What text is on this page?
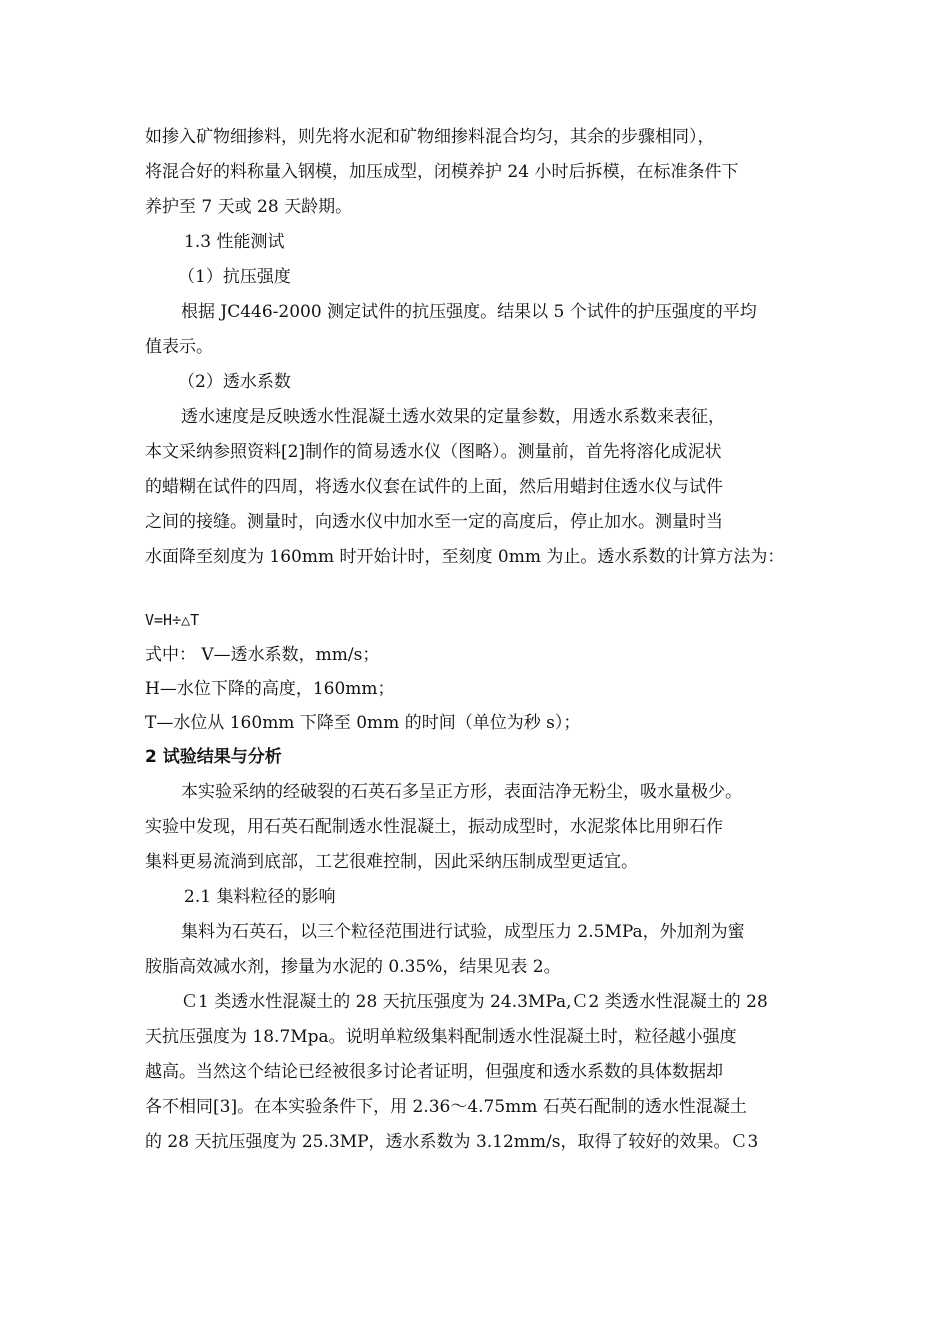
如掺入矿物细掺料，则先将水泥和矿物细掺料混合均匀，其余的步骤相同），

将混合好的料称量入钢模，加压成型，闭模养护 24 小时后拆模，在标准条件下

养护至 7 天或 28 天龄期。

1.3 性能测试

（1）抗压强度

根据 JC446-2000 测定试件的抗压强度。结果以 5 个试件的护压强度的平均

值表示。

（2）透水系数

透水速度是反映透水性混凝土透水效果的定量参数，用透水系数来表征，

本文采纳参照资料[2]制作的简易透水仪（图略）。测量前，首先将溶化成泥状

的蜡糊在试件的四周，将透水仪套在试件的上面，然后用蜡封住透水仪与试件

之间的接缝。测量时，向透水仪中加水至一定的高度后，停止加水。测量时当

水面降至刻度为 160mm 时开始计时，至刻度 0mm 为止。透水系数的计算方法为：

V=H÷△T

式中： V—透水系数，mm/s；

H—水位下降的高度，160mm；

T—水位从 160mm 下降至 0mm 的时间（单位为秒 s）；

2 试验结果与分析

本实验采纳的经破裂的石英石多呈正方形，表面洁净无粉尘，吸水量极少。

实验中发现，用石英石配制透水性混凝土，振动成型时，水泥浆体比用卵石作

集料更易流淌到底部，工艺很难控制，因此采纳压制成型更适宜。

2.1 集料粒径的影响

集料为石英石，以三个粒径范围进行试验，成型压力 2.5MPa，外加剂为蜜

胺脂高效减水剂，掺量为水泥的 0.35%，结果见表 2。

Ｃ1 类透水性混凝土的 28 天抗压强度为 24.3MPa,Ｃ2 类透水性混凝土的 28

天抗压强度为 18.7Mpa。说明单粒级集料配制透水性混凝土时，粒径越小强度

越高。当然这个结论已经被很多讨论者证明，但强度和透水系数的具体数据却

各不相同[3]。在本实验条件下，用 2.36～4.75mm 石英石配制的透水性混凝土

的 28 天抗压强度为 25.3MP，透水系数为 3.12mm/s，取得了较好的效果。Ｃ3
